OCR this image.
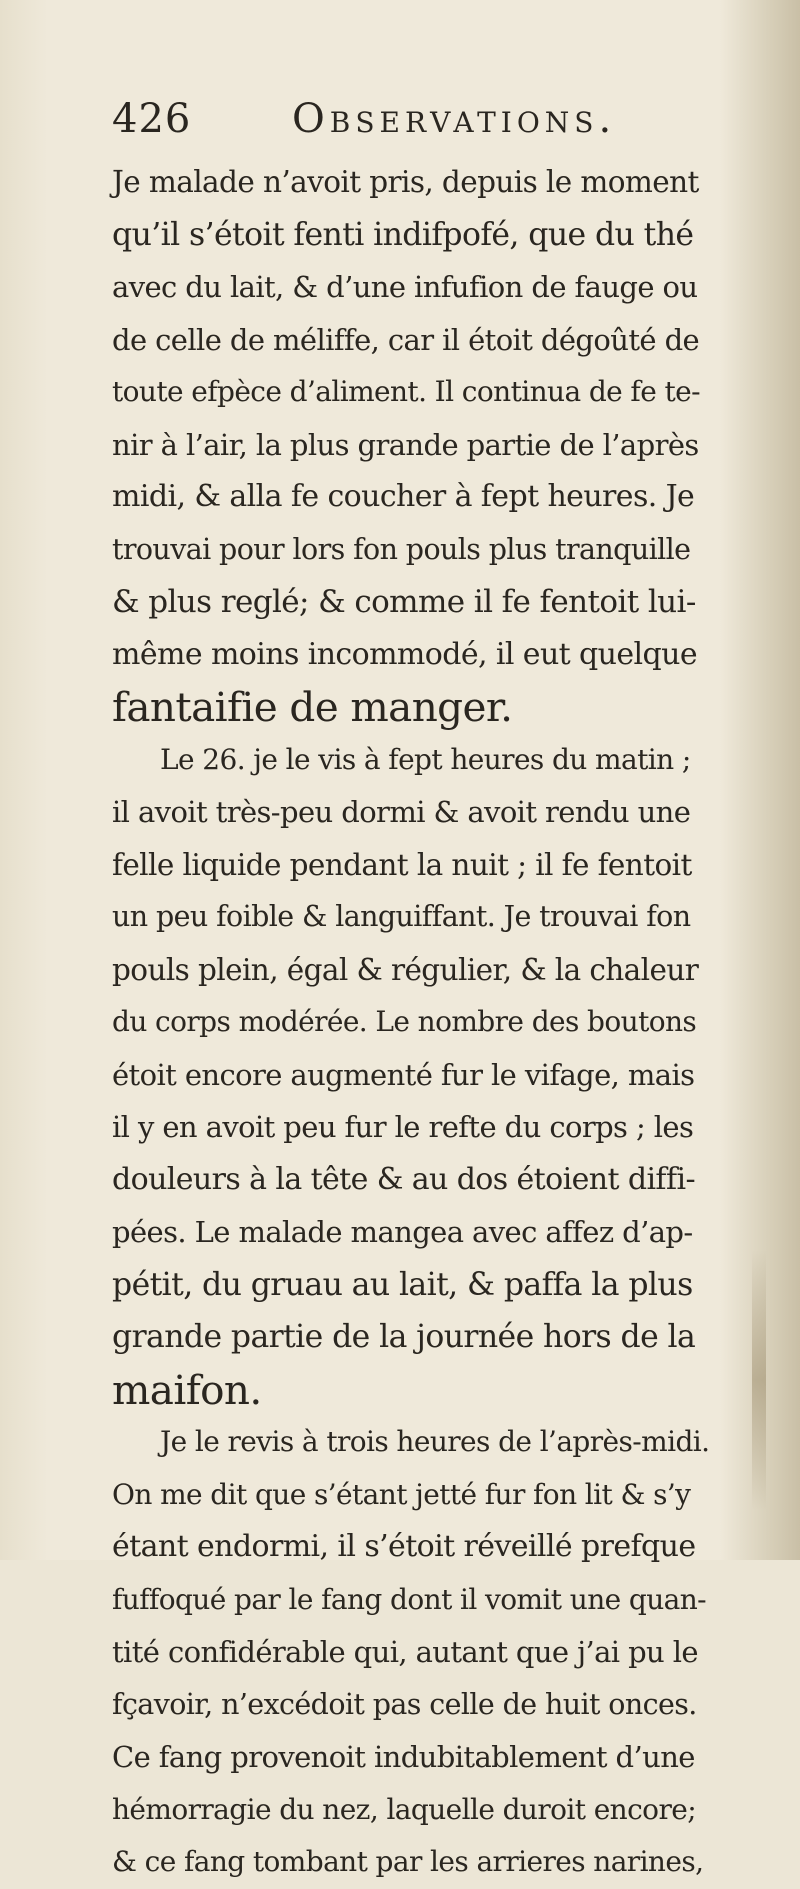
426	Observations.
Je malade n’avoit pris, depuis le moment
qu’il s’étoit fenti indifpofé, que du thé
avec du lait, & d’une infufion de fauge ou
de celle de méliffe, car il étoit dégoûté de
toute efpèce d’aliment. Il continua de fe te-
nir à l’air, la plus grande partie de l’après
midi, & alla fe coucher à fept heures. Je
trouvai pour lors fon pouls plus tranquille
& plus reglé; & comme il fe fentoit lui-
même moins incommodé, il eut quelque
fantaifie de manger.
Le 26. je le vis à fept heures du matin ;
il avoit très-peu dormi & avoit rendu une
felle liquide pendant la nuit ; il fe fentoit
un peu foible & languiffant. Je trouvai fon
pouls plein, égal & régulier, & la chaleur
du corps modérée. Le nombre des boutons
étoit encore augmenté fur le vifage, mais
il y en avoit peu fur le refte du corps ; les
douleurs à la tête & au dos étoient diffi-
pées. Le malade mangea avec affez d’ap-
pétit, du gruau au lait, & paffa la plus
grande partie de la journée hors de la
maifon.
Je le revis à trois heures de l’après-midi.
On me dit que s’étant jetté fur fon lit & s’y
étant endormi, il s’étoit réveillé prefque
fuffoqué par le fang dont il vomit une quan-
tité confidérable qui, autant que j’ai pu le
fçavoir, n’excédoit pas celle de huit onces.
Ce fang provenoit indubitablement d’une
hémorragie du nez, laquelle duroit encore;
& ce fang tombant par les arrieres narines,
